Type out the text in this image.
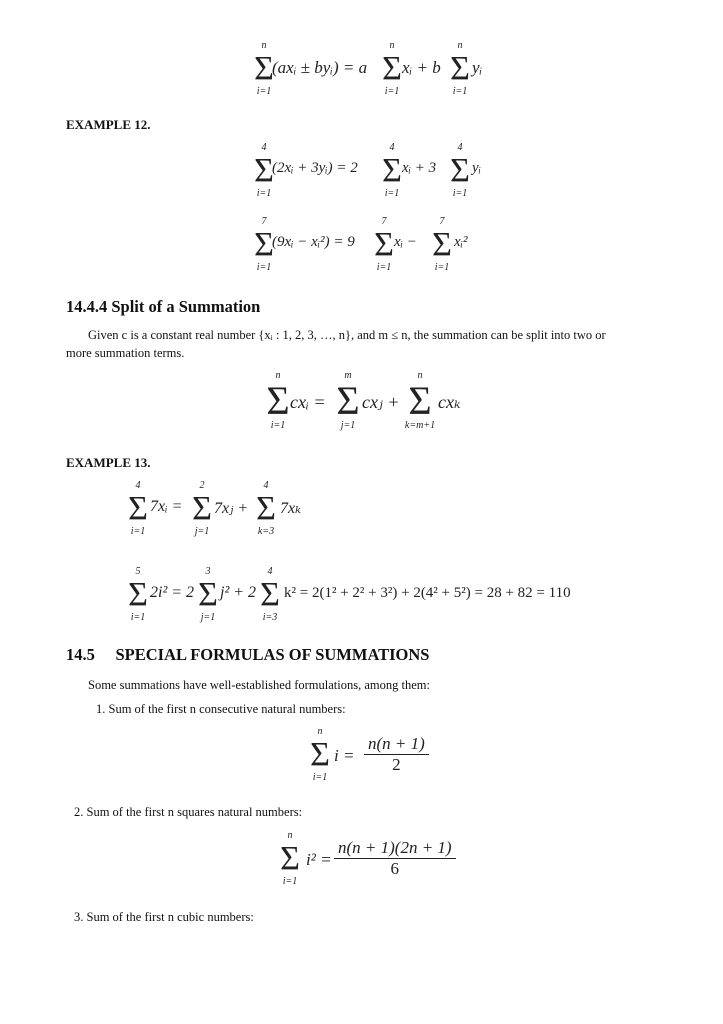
n
Σ
i=1
(axᵢ ± byᵢ) = a
n
Σ
i=1
xᵢ + b
n
Σ
i=1
yᵢ
EXAMPLE 12.
4
Σ
i=1
(2xᵢ + 3yᵢ) = 2
4
Σ
i=1
xᵢ + 3
4
Σ
i=1
yᵢ
7
Σ
i=1
(9xᵢ − xᵢ²) = 9
7
Σ
i=1
xᵢ −
7
Σ
i=1
xᵢ²
14.4.4 Split of a Summation
Given c is a constant real number {xᵢ : 1, 2, 3, …, n}, and m ≤ n, the summation can be split into two or
more summation terms.
n
Σ
i=1
cxᵢ =
m
Σ
j=1
cxⱼ +
n
Σ
k=m+1
cxₖ
EXAMPLE 13.
4
Σ
i=1
7xᵢ =
2
Σ
j=1
7xⱼ +
4
Σ
k=3
7xₖ
5
Σ
i=1
2i² = 2
3
Σ
j=1
j² + 2
4
Σ
i=3
k² = 2(1² + 2² + 3²) + 2(4² + 5²) = 28 + 82 = 110
14.5     SPECIAL FORMULAS OF SUMMATIONS
Some summations have well-established formulations, among them:
1. Sum of the first n consecutive natural numbers:
n
Σ
i=1
$i = \frac{n(n + 1)}{2}$
2. Sum of the first n squares natural numbers:
n
Σ
i=1
$i^2 = \frac{n(n + 1)(2n + 1)}{6}$
3. Sum of the first n cubic numbers:
